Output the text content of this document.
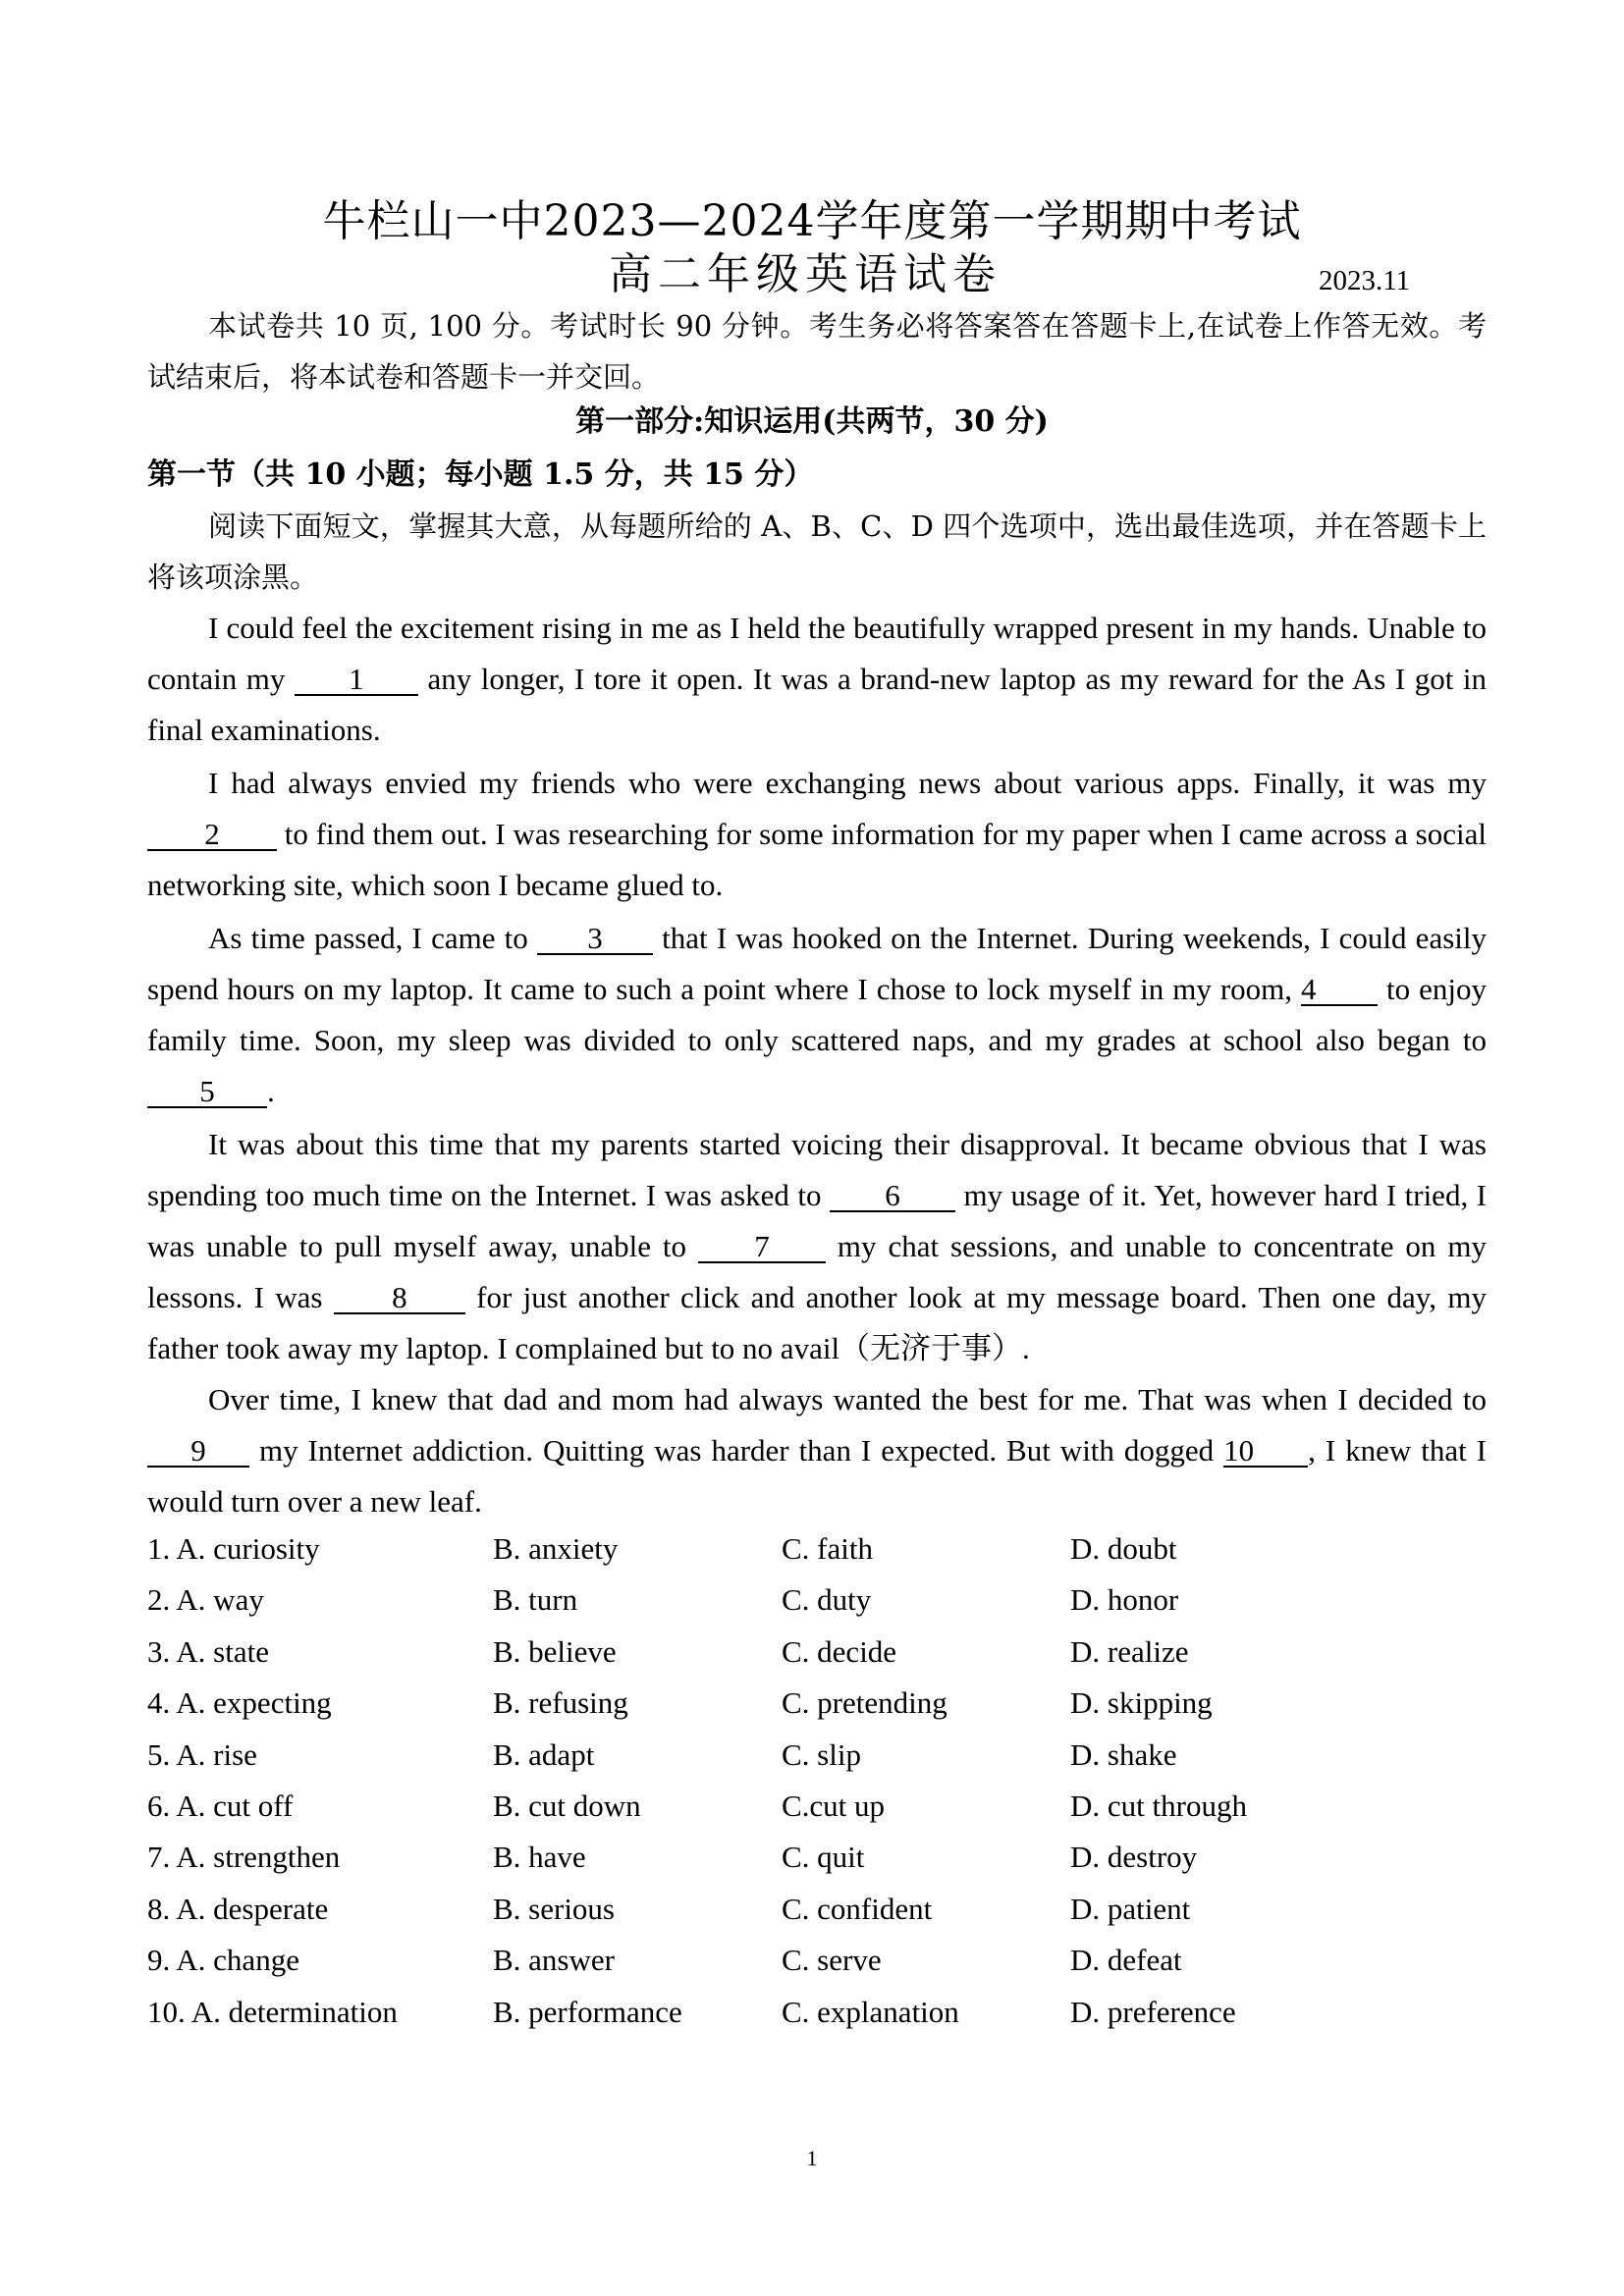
牛栏山一中2023—2024学年度第一学期期中考试
高二年级英语试卷	2023.11
本试卷共 10 页, 100 分。考试时长 90 分钟。考生务必将答案答在答题卡上,在试卷上作答无效。考试结束后，将本试卷和答题卡一并交回。
第一部分:知识运用(共两节，30 分)
第一节（共 10 小题；每小题 1.5 分，共 15 分）
阅读下面短文，掌握其大意，从每题所给的 A、B、C、D 四个选项中，选出最佳选项，并在答题卡上将该项涂黑。
I could feel the excitement rising in me as I held the beautifully wrapped present in my hands. Unable to contain my 1 any longer, I tore it open. It was a brand-new laptop as my reward for the As I got in final examinations.
I had always envied my friends who were exchanging news about various apps. Finally, it was my 2 to find them out. I was researching for some information for my paper when I came across a social networking site, which soon I became glued to.
As time passed, I came to 3 that I was hooked on the Internet. During weekends, I could easily spend hours on my laptop. It came to such a point where I chose to lock myself in my room, 4 to enjoy family time. Soon, my sleep was divided to only scattered naps, and my grades at school also began to 5 .
It was about this time that my parents started voicing their disapproval. It became obvious that I was spending too much time on the Internet. I was asked to 6 my usage of it. Yet, however hard I tried, I was unable to pull myself away, unable to 7 my chat sessions, and unable to concentrate on my lessons. I was 8 for just another click and another look at my message board. Then one day, my father took away my laptop. I complained but to no avail（无济于事）.
Over time, I knew that dad and mom had always wanted the best for me. That was when I decided to 9 my Internet addiction. Quitting was harder than I expected. But with dogged 10 , I knew that I would turn over a new leaf.
1. A. curiosity	B. anxiety	C. faith	D. doubt
2. A. way	B. turn	C. duty	D. honor
3. A. state	B. believe	C. decide	D. realize
4. A. expecting	B. refusing	C. pretending	D. skipping
5. A. rise	B. adapt	C. slip	D. shake
6. A. cut off	B. cut down	C.cut up	D. cut through
7. A. strengthen	B. have	C. quit	D. destroy
8. A. desperate	B. serious	C. confident	D. patient
9. A. change	B. answer	C. serve	D. defeat
10. A. determination	B. performance	C. explanation	D. preference
1
